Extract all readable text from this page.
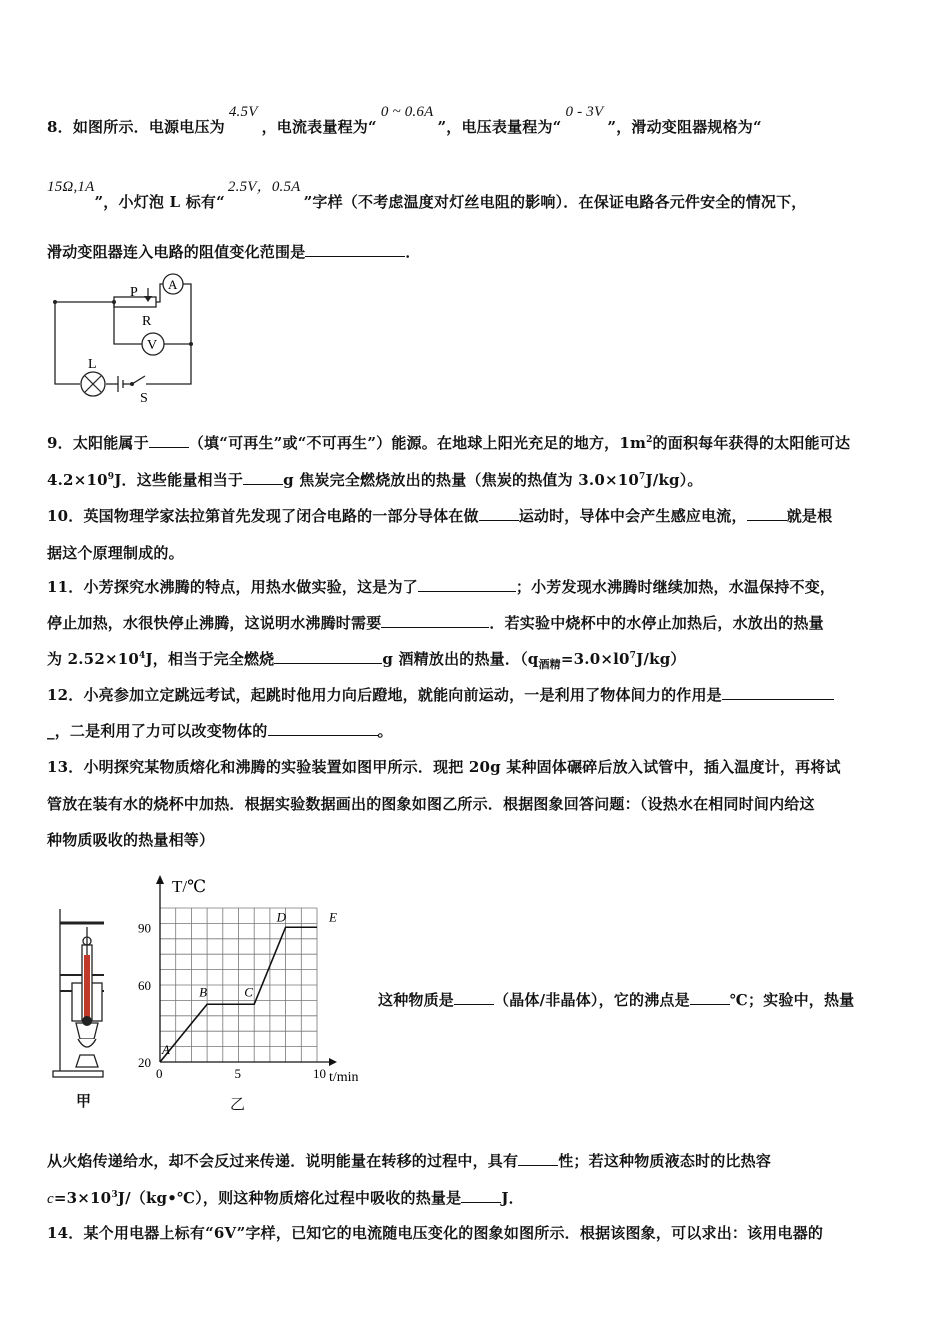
8．如图所示．电源电压为4.5V，电流表量程为“0 ~ 0.6A”，电压表量程为“0 - 3V”，滑动变阻器规格为“
15Ω,1A”，小灯泡 L 标有“2.5V，0.5A”字样（不考虑温度对灯丝电阻的影响）．在保证电路各元件安全的情况下，
滑动变阻器连入电路的阻值变化范围是	．
P
A
R
V
L
S
9．太阳能属于	（填“可再生”或“不可再生”）能源。在地球上阳光充足的地方，$1m^2$的面积每年获得的太阳能可达
$4.2\times 10^9J$．这些能量相当于	g 焦炭完全燃烧放出的热量（焦炭的热值为 $3.0\times 10^7J/kg$）。
10．英国物理学家法拉第首先发现了闭合电路的一部分导体在做	运动时，导体中会产生感应电流，	就是根
据这个原理制成的。
11．小芳探究水沸腾的特点，用热水做实验，这是为了	；小芳发现水沸腾时继续加热，水温保持不变，
停止加热，水很快停止沸腾，这说明水沸腾时需要	．若实验中烧杯中的水停止加热后，水放出的热量
为 $2.52\times 10^4J$，相当于完全燃烧	g 酒精放出的热量．$(q_{酒精}=3.0\times l0^7J/kg)$
12．小亮参加立定跳远考试，起跳时他用力向后蹬地，就能向前运动，一是利用了物体间力的作用是
_，二是利用了力可以改变物体的	。
13．小明探究某物质熔化和沸腾的实验装置如图甲所示．现把 20g 某种固体碾碎后放入试管中，插入温度计，再将试
管放在装有水的烧杯中加热．根据实验数据画出的图象如图乙所示．根据图象回答问题：（设热水在相同时间内给这
种物质吸收的热量相等）
甲
T/℃
t/min
20
60
90
0	5	10
A
B	C
D	E
乙
这种物质是	（晶体/非晶体），它的沸点是	℃；实验中，热量
从火焰传递给水，却不会反过来传递．说明能量在转移的过程中，具有	性；若这种物质液态时的比热容
$c=3\times 10^3J/(kg•℃)$，则这种物质熔化过程中吸收的热量是	J．
14．某个用电器上标有“6V”字样，已知它的电流随电压变化的图象如图所示．根据该图象，可以求出：该用电器的
